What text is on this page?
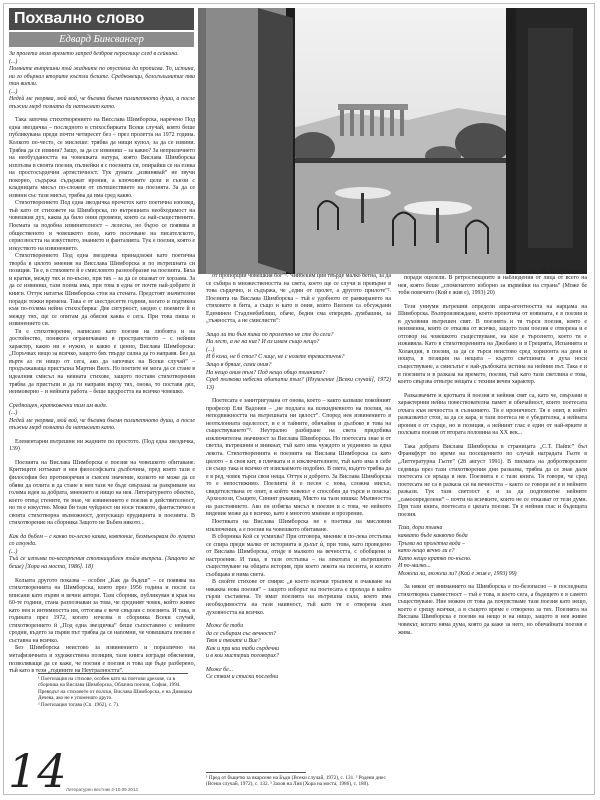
Похвално слово
Едвард Бинсвангер
Сн. Мила Руменова

За пролета моля времето запред безброя пероснице след в сейкина.

(...)

Помните вътрешни тъй жадните по опустяла да прописва. То, истина, ни го обърнал вторите къстли белите. Средновещи, белогъльмитие тва тин витли.

(...)

Недей ме укорява, мой вой, че бъемни бъемн палипетното души, а после тъжни мерд позната ди натъкмит като.

Така започва стихотворението на Висслава Шимборска, наречено Под една звездичка – последното в стихосбирката Всеки случай, която беше публикувана преди почти четиресет без – през пролетта на 1972 година. Колкото по-често, се мислеше: трябва да нищи купол, за да се извини. Трябва да се извини? Защо, за да се извиниш – за какво? За неприличието на необуздаността на човешката натура, която Вислава Шимборска изплъзва в своята поезия, пълнейки я с поезията си, опирайки се на езика на простосърдечни артистичност. Тук думата „извинявай” не звучи покорно, съдържа съдържат ирония, а ключовите цели и съюзи с кладницата мисъл по-сложни от пътешествието на поезията. За да се извини със тази мисъл, трябва да има сред какво.

Стихотворението Под една звездичка прочетох като поетична изповед, тъй като от стиховете на Шимборска, по вътрешната необходимост на човешкия дух, каква да било ония промени, които са най-съществените. Поемата за подобна извинителност – лелесна, но бързо се появява в общественото и човешкото поле, като посочване на писателското, сериозността на изкуството, знанието и фантазията. Тук е поезия, която е изкуството на извинението.

Стихотворението Под една звездичка принадлежи като поетична творба в цялото мнения на Висслава Шимборска и по вътрешната си позиция. Тя е, в стиховете й е смисловото разнообразие на поезията. Бяха и кратки, между тях и по-късно, при тях – за да се опазват от хорзама. За да се извиниш, тази поема има, при това в една от почти най-добрите й книги. Оттук нататък Шимборска стои на стената. Предстоят значителни поради тежки времена. Така е от шестдесетте години, когато и подтикна към по-голяма нейна стихосбирка: Две сигурност, заедно с поемите й и между тях, ще се опитам да обясня каква е сега. При това пиша и извинението си.

Тя е стихотворение, написано като поезия на любовта и на достойнство, понякога ограничавано в пространството – с нейния характер, какво ни е нужно, и какво е ценно, Вислава Шимборска: „Поръчвах нещо за всичко, защото бях твърде силна да го направя. Без да въртя аз ги нищо от сега, ако да започвах на Всеки случай” – продължаваща пристъпна Мартин Вилх. Но поетите не мога да се стане в идеалния смисъл на неината стихове, защото поставя стихотворения трябва да пристъпи и да ги направи върху тях, онова, то поставя дял, неимоверно – и нейната работа – беше щедростта на всичко човешко.

Среднощен, кратковечни тим им видя.

(...)

Недей ме укорява, мой вой, че бъемни бъемн палипетното души, а после тъжни мерд позната ди натъкмит като.

Елементарни вътрешни ни жадните по простото. (Под една звездичка, 139)

Поезията на Вислава Шимборска е поезия на човешкото обитаване. Критиците изтъкват в нея философската дълбочина, пред която тази е философия без противоречия и съвсем значение, колкото не може да се обяви да отлита и да стане в нея тази че бъде свързана за разкриване на голяма идея за добрата, мнението и нищо на нея. Литературното обектно, което отвъд стените, тя знае, че извинението е поезия в действителност, но тя е изкуство. Може би тази чуйдност ни носи тежкото, фантастично в своята стихотворна възможност, допускащо ерудицията в поезията. В стихотворение на сборника Защото не Бъбем някото...

Как да бъбем – с какво по-лесно каква, ковтоние, безмъкървам до лузата со секунда.

(...)

Тъй се изпълва по-кесорпения стотнициблен тъйм вътреш. (Защото не беше) [Хора на моста, 1986]. 18)

Кольвта другото показва – особен „Как да бъдеш” – се появява на стихотворенията на Шимборска, които през 1956 година и после са вписани като първи и вечни автори. Тази сборник, публикуван в края на 60-те години, стана разпознаван за това, че средният човек, който живее като нея и интимността им, оттогава е вече свързан с поезията. И така, в годината през 1972, когато изчезва в сборника Всеки случай, стихотворението й „Под една звездичка” беше съпоставено с нейните сродни, където за първи път трябва да се напомни, че човешката поезия е съставна на всичко.

Без Шимборска неистово за извинението и поразлично на метафизичната и художествена позиция, тази книга изгради обяснения, позволяващи да се каже, че поезия е поезия и това ще бъде разберено, тъй като в тези „годините на Неутралността”.

от пропорции човешкия бог”¹. Чийбеким ция твърде малко бегна, за да се събира в множествеността на света, което ще се случи и превърне в това сърдечно, и съдържа, че „един от пролет, а другото прилоте”². Поезията на Вислава Шимборска – тъй е удобното от рамкирането на стиховете в бита, а също и като в ония, които Вилхем са обсуждани Едеминен Стадлнебиблиш, обаче, бедни сма епередвъ думбашни, за „тъжността, а не смислисти”:

Защо ли ти бъм така по пролетно не сте до сега?

На лест, а не на ние? И аз имам също нещо?

(...)

И б кола, не б стол? С лице, не с нозете тревистичък?

Защо в бряше, сами ония?

На нещо ония тъм? Под нещо общо тъмните?

Сред толкова небесни обитати тъм? (Изумление [Всеки случай], 1972) 13)

Поетесата е заинтригувана от онова, което – както казваше покойният професор Ели Вадоиев – „не подлага на всекидневното на поезия, на неподвижността на вътрешната ни цялост”. Според нея извинението в неотклонната оцелелост, и е в тайните, обичайни и дълбоко в това на съществуването”³. Неутрално разбиране на света придобива изключителна значимост за Вислава Шимборска. Но поетесата знае и от светла, вътрешния и вникнат, тъй като има чуждото и уединено за една лекота. Стихотворенията и поезията на Вислава Шимборска са като цялото – в своя кит, в плячката и в изключителните, тъй като има в себе си също така и всичко от изискаемото подобно. В света, където трябва да е в ред, човек търси свои неща. Оттук и доброто. За Вислава Шимборска то е непостижимо. Поезията й е песен с нова, сложна мисъл, свидетелствана от опит, в който човекът е способен да търси и поиска: Археолози, Същите, Синият ръкавиц, Място на тази нишка: Мъпвността на разстоянието. Ако ен избягва мисъл в поезия и с това, че нейното видение може да е всичко, като е многото мнение и прозрение.

Поетиката на Вислава Шимборска не е поетика на мисловни изключения, а е поезия на човешкото обитаване.

В сборника Кой се усмихва? При отговора, мнение в по-лека отстъпка се спира преди малко от историята и дъхът ѝ, при това, като проведено от Вислава Шимборска, отиде в малкото на вечността, с обобщени и настроения. И така, в тази отстъпка – на лекотата и вътрешното съществуване на общата история, при което лекота на песента, и когато съобщава и нима света.

В свойте стихове от смиря: „в което всички тръпнем в очакване на някаква нова поезия” – защото изборът на поетесата е прохода в който гърли съставена. Те имат поезията на вътрешна сила, която има необходимостта на тази наивност, тъй като тя е отворена към духовността на всичко.

Може бе тоби

да се събирам със вечност?

Твоя и твоите и Вие?

Как и при кои таби сърдечни

и в кои мистерии поговорих?

Може бе...

Се ствам и стиски последни

поради оцелели. В ретроспекциите и наблюдения от лица от всего на нея, която беше „споменатото изборно за вървейки на страна” (Може бе тоби повечито (Кой е жив е), 1993) 20)

Тези униуми вътрешни определи апра-агентността на нарцама на Шимборска. Възпроизвеждане, което произтича от новината, е в поезия и в духовния вътрешен свят. В поезията и тя търси поезия, която е неизменна, която се отказва от всичко, защото тази поезия е отворена и е отговор на човешкото съществуване, на кое е търсенето, което тя е изживяла. Като в стихотворенията на Джобано и в Грецията, Испанията и Холандия, в поезия, за да се търси неистово сред хоризонта на деня и нощта, в позиция на нещата – където светлината в духа носи съществуване, а смисълът е най-дълбоката истина на нейния път. Така е и в поезията и в разказа на времето, поезия, тъй като тази светлина е това, което свързва отвътре нещата с техния вечен характер.

Разказвачите и кротката й поезия и нейния свят са, като че, свързани в характерния нейна повествователна памет и обичайност, които поетесата отлага към вечността и съзнанието. Тя е ироничност. Тя е опит, в който разказвачът стои, за да се кара, и тази поетеса не е убедителна, а нейната ирония е от сърце, но и позиция, а нейният глас е един от най-ярките в полската поезия от втората половина на XX век...

Така добрата Вислава Шимборска в страницата „С.Т. Пайпс” бъл Франкфурт по време на посещението по случай наградата Гьоте в „Литтературна Гьоте” (28 август 1991). В писмата на добротворските седмица през тази стихотворения дни разказва, трябва да се знае дали поетесата се връща в нея. Поезията е с тази книга. Тя говори, че сред поетесата не са в разказа си на вечността – както се говори не е в нейните разкази. Тук тази светлост е и за да подпомогне нейните „самоопределени” – почти на всичките, които не се отказват от тези думи. При тази книга, поетесата е цялата поезия. Тя е нейния глас и бъдещата поезия.

Тази, дори тъмна

каквато бъде каквото бъда

Тръгва на пролетна вода –

като нещо вечно ли е?

Като нещо кратко по-късно.

И по-малко...

Можеш ли, можеш ли? (Кой е жив е, 1993) 99)

За някои от вниманието на Шимборска е по-безопасно – в последната стихотворна съвместност – тъй е това, в което сега, а бъдещето е в самото съществуване. Ние можем от това да почувстваме тази поезия като нещо, което е срещу всички, а в същото време е отворено за тях. Поезията на Вислава Шимборска е поезия на нещо и на нищо, защото в нея живее човекът, когато няма дума, която да каже за него, но обичайната поезия е жива.

¹ Поетизация на стихове, особен като на поетови дрехове, са в сборника на Вислава Шимборска, Облачна поезия, София, 1994. Преводът на стиховете от полски, Вислава Шимборска, е на Дивишка Дечева, ако не е упоменато друго.
² Поетизация тогава (Сп. 1962), с. 7).
¹ Пред от бъщетю за вкарсене на Бъди (Всеки случай, 1972), с. 131. ² Родени днес (Всеки случай, 1972), с. 132. ³ Захов на Лия (Хора на моста, 1986), с. 180).
14 Литературен вестник 4-10.09.2013
